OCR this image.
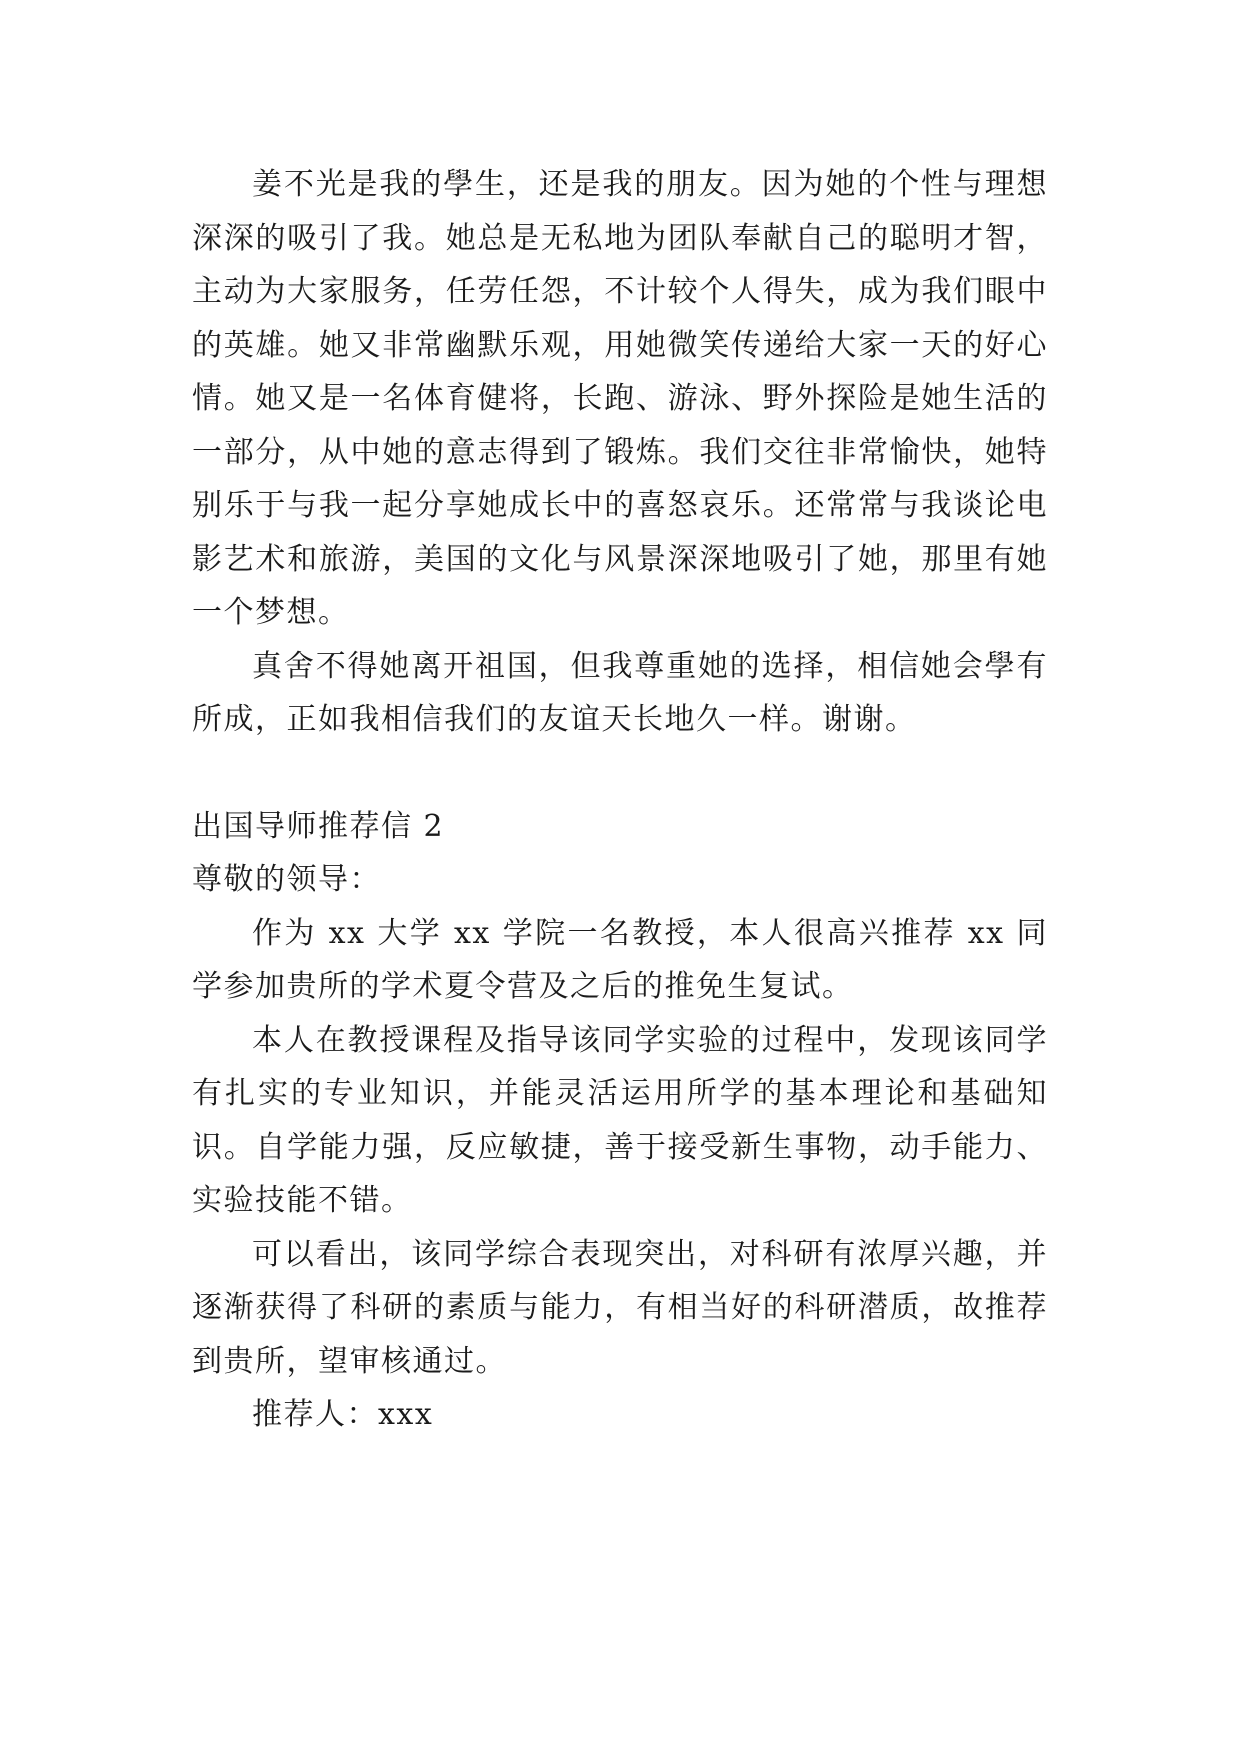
姜不光是我的學生，还是我的朋友。因为她的个性与理想深深的吸引了我。她总是无私地为团队奉献自己的聪明才智，主动为大家服务，任劳任怨，不计较个人得失，成为我们眼中的英雄。她又非常幽默乐观，用她微笑传递给大家一天的好心情。她又是一名体育健将，长跑、游泳、野外探险是她生活的一部分，从中她的意志得到了锻炼。我们交往非常愉快，她特别乐于与我一起分享她成长中的喜怒哀乐。还常常与我谈论电影艺术和旅游，美国的文化与风景深深地吸引了她，那里有她一个梦想。

真舍不得她离开祖国，但我尊重她的选择，相信她会學有所成，正如我相信我们的友谊天长地久一样。谢谢。

出国导师推荐信 2

尊敬的领导：

作为 xx 大学 xx 学院一名教授，本人很高兴推荐 xx 同学参加贵所的学术夏令营及之后的推免生复试。

本人在教授课程及指导该同学实验的过程中，发现该同学有扎实的专业知识，并能灵活运用所学的基本理论和基础知识。自学能力强，反应敏捷，善于接受新生事物，动手能力、实验技能不错。

可以看出，该同学综合表现突出，对科研有浓厚兴趣，并逐渐获得了科研的素质与能力，有相当好的科研潜质，故推荐到贵所，望审核通过。

推荐人：xxx
